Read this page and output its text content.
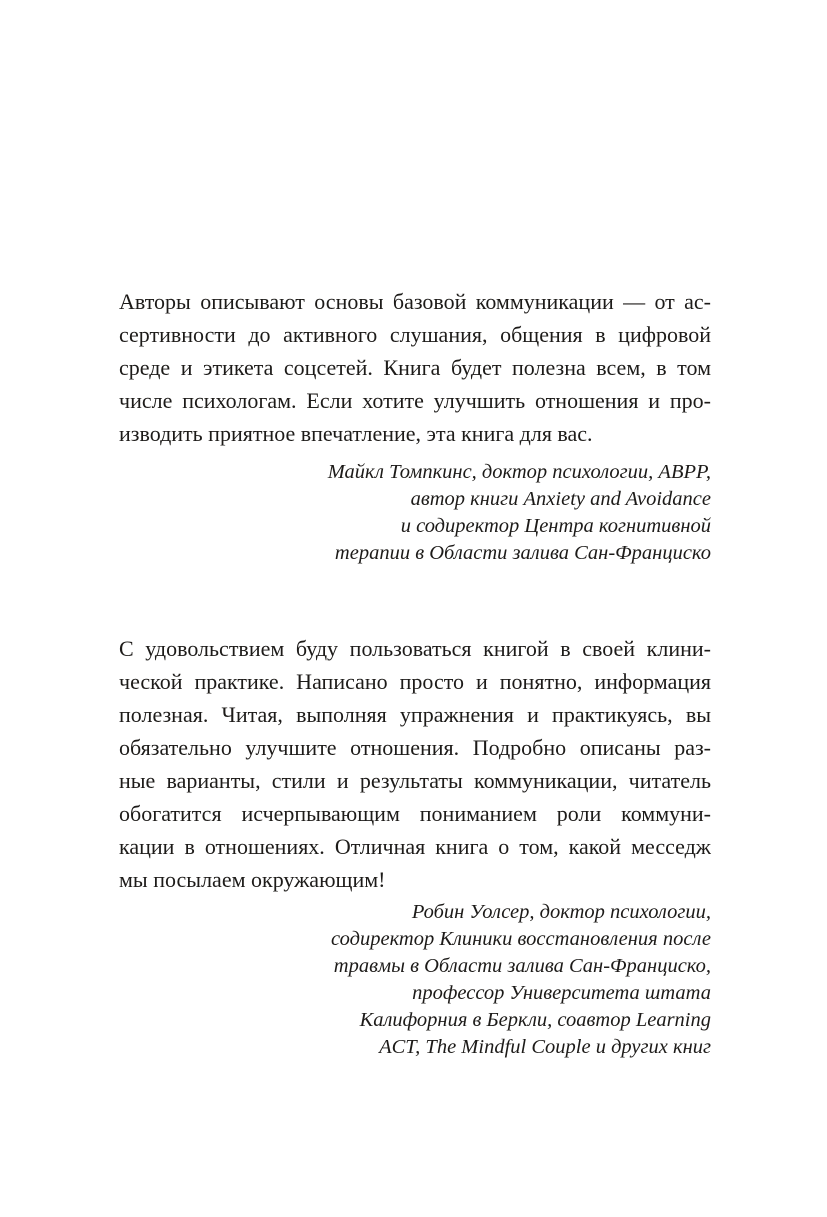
Авторы описывают основы базовой коммуникации — от ас-
сертивности до активного слушания, общения в цифровой
среде и этикета соцсетей. Книга будет полезна всем, в том
числе психологам. Если хотите улучшить отношения и про-
изводить приятное впечатление, эта книга для вас.
Майкл Томпкинс, доктор психологии, ABPP,
автор книги Anxiety and Avoidance
и содиректор Центра когнитивной
терапии в Области залива Сан-Франциско
С удовольствием буду пользоваться книгой в своей клини-
ческой практике. Написано просто и понятно, информация
полезная. Читая, выполняя упражнения и практикуясь, вы
обязательно улучшите отношения. Подробно описаны раз-
ные варианты, стили и результаты коммуникации, читатель
обогатится исчерпывающим пониманием роли коммуни-
кации в отношениях. Отличная книга о том, какой месседж
мы посылаем окружающим!
Робин Уолсер, доктор психологии,
содиректор Клиники восстановления после
травмы в Области залива Сан-Франциско,
профессор Университета штата
Калифорния в Беркли, соавтор Learning
ACT, The Mindful Couple и других книг
